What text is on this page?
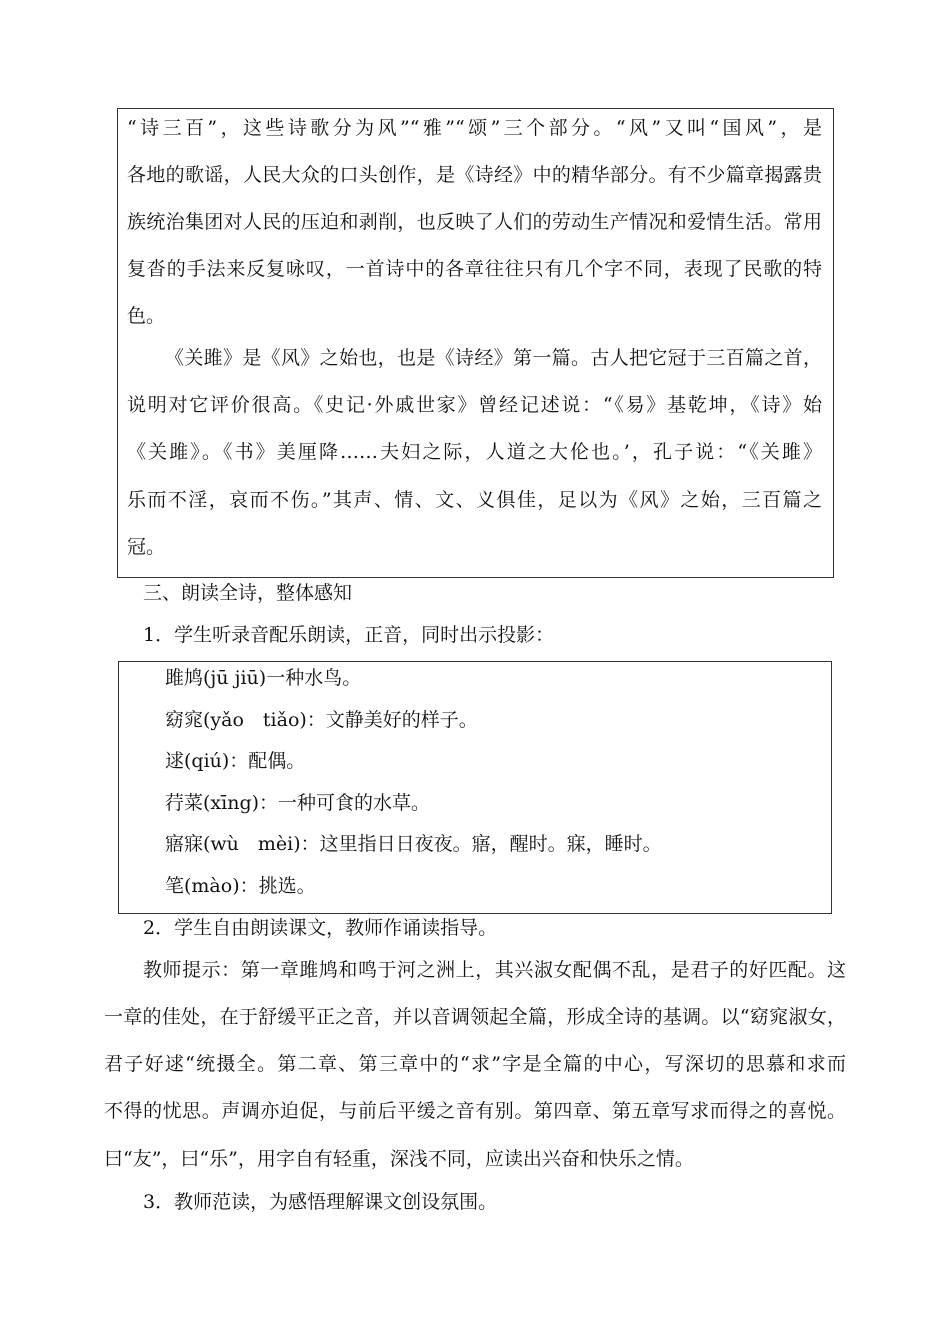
“诗三百”，这些诗歌分为风”“雅”“颂”三个部分。“风”又叫“国风”，是
各地的歌谣，人民大众的口头创作，是《诗经》中的精华部分。有不少篇章揭露贵
族统治集团对人民的压迫和剥削，也反映了人们的劳动生产情况和爱情生活。常用
复沓的手法来反复咏叹，一首诗中的各章往往只有几个字不同，表现了民歌的特
色。
《关雎》是《风》之始也，也是《诗经》第一篇。古人把它冠于三百篇之首，
说明对它评价很高。《史记·外戚世家》曾经记述说：“《易》基乾坤，《诗》始
《关雎》。《书》美厘降……夫妇之际，人道之大伦也。’，孔子说：“《关雎》
乐而不淫，哀而不伤。”其声、情、文、义俱佳，足以为《风》之始，三百篇之
冠。
三、朗读全诗，整体感知
1．学生听录音配乐朗读，正音，同时出示投影：
雎鸠(jū jiū)一种水鸟。
窈窕(yǎo　tiǎo)：文静美好的样子。
逑(qiú)：配偶。
荇菜(xīng)：一种可食的水草。
寤寐(wù　mèi)：这里指日日夜夜。寤，醒时。寐，睡时。
笔(mào)：挑选。
2．学生自由朗读课文，教师作诵读指导。
教师提示：第一章雎鸠和鸣于河之洲上，其兴淑女配偶不乱，是君子的好匹配。这
一章的佳处，在于舒缓平正之音，并以音调领起全篇，形成全诗的基调。以“窈窕淑女，
君子好逑“统摄全。第二章、第三章中的“求”字是全篇的中心，写深切的思慕和求而
不得的忧思。声调亦迫促，与前后平缓之音有别。第四章、第五章写求而得之的喜悦。
曰“友”，曰“乐”，用字自有轻重，深浅不同，应读出兴奋和快乐之情。
3．教师范读，为感悟理解课文创设氛围。
